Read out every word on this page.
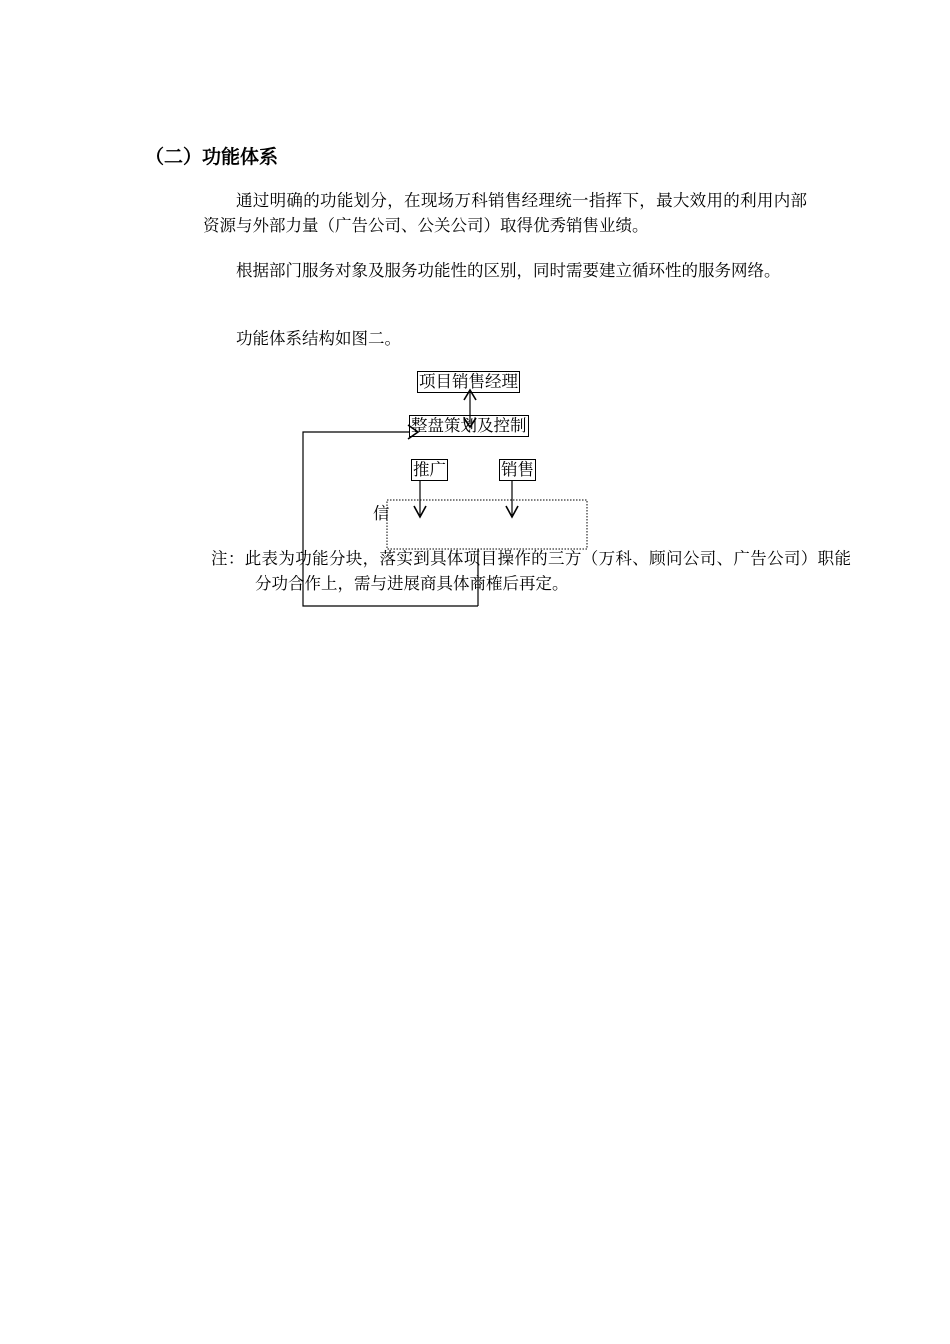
（二）功能体系

通过明确的功能划分，在现场万科销售经理统一指挥下，最大效用的利用内部资源与外部力量（广告公司、公关公司）取得优秀销售业绩。

根据部门服务对象及服务功能性的区别，同时需要建立循环性的服务网络。

功能体系结构如图二。

项目销售经理
整盘策划及控制
推广	销售
信

注：此表为功能分块，落实到具体项目操作的三方（万科、顾问公司、广告公司）职能分功合作上，需与进展商具体商榷后再定。
